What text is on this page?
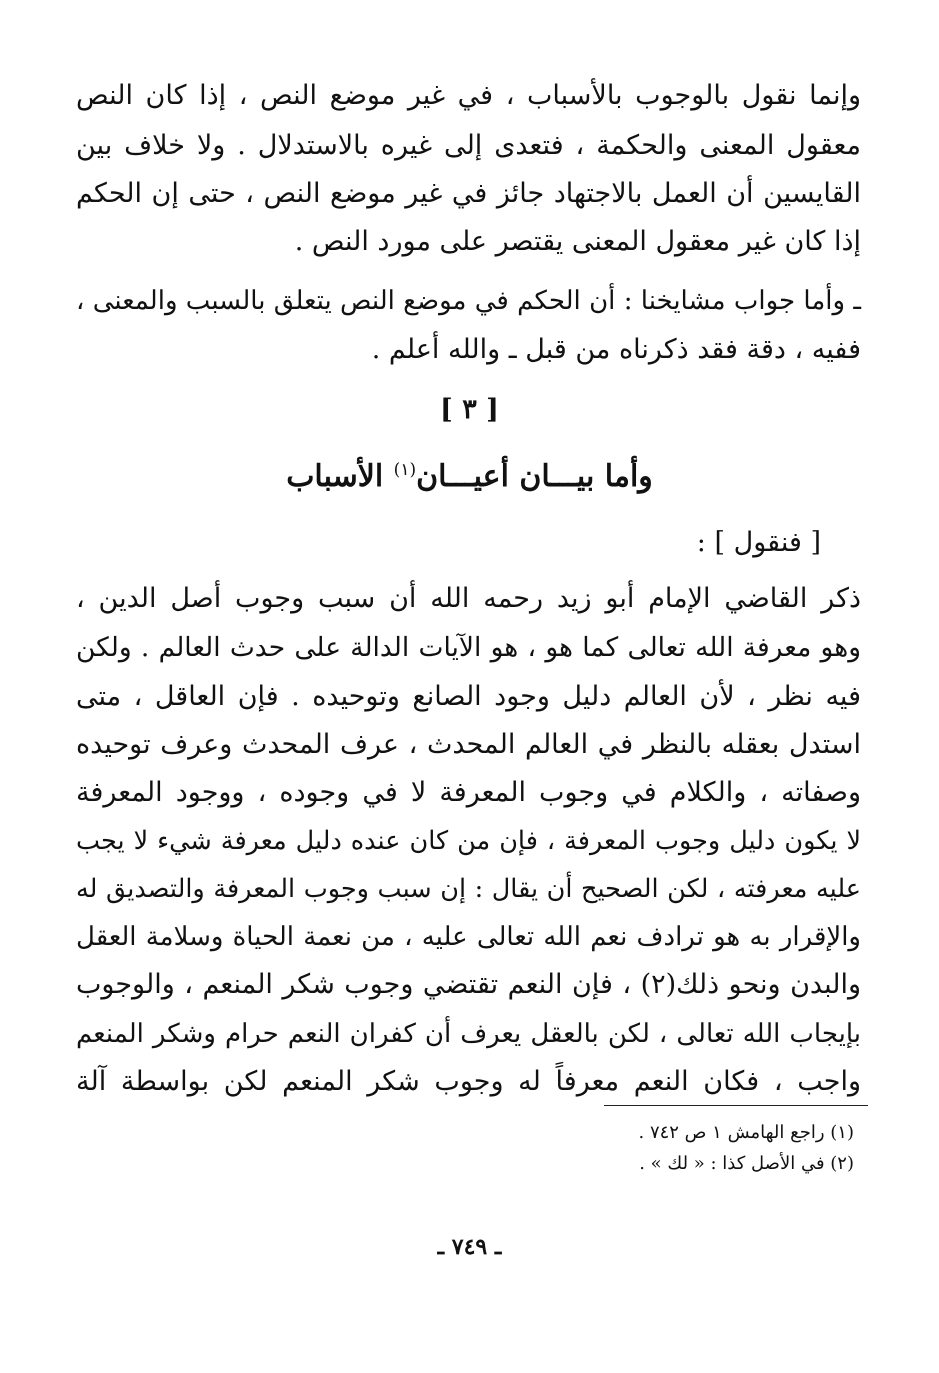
وإنما نقول بالوجوب بالأسباب ، في غير موضع النص ، إذا كان النص
معقول المعنى والحكمة ، فتعدى إلى غيره بالاستدلال . ولا خلاف بين
القايسين أن العمل بالاجتهاد جائز في غير موضع النص ، حتى إن الحكم
إذا كان غير معقول المعنى يقتصر على مورد النص .
ـ وأما جواب مشايخنا : أن الحكم في موضع النص يتعلق بالسبب والمعنى ،
ففيه ، دقة فقد ذكرناه من قبل ـ والله أعلم .
[ ٣ ]
وأما بيـــان أعيـــان$^{(١)}$ الأسباب
[ فنقول ] :
ذكر القاضي الإمام أبو زيد رحمه الله أن سبب وجوب أصل الدين ،
وهو معرفة الله تعالى كما هو ، هو الآيات الدالة على حدث العالم . ولكن
فيه نظر ، لأن العالم دليل وجود الصانع وتوحيده . فإن العاقل ، متى
استدل بعقله بالنظر في العالم المحدث ، عرف المحدث وعرف توحيده
وصفاته ، والكلام في وجوب المعرفة لا في وجوده ، ووجود المعرفة
لا يكون دليل وجوب المعرفة ، فإن من كان عنده دليل معرفة شيء لا يجب
عليه معرفته ، لكن الصحيح أن يقال : إن سبب وجوب المعرفة والتصديق له
والإقرار به هو ترادف نعم الله تعالى عليه ، من نعمة الحياة وسلامة العقل
والبدن ونحو ذلك(٢) ، فإن النعم تقتضي وجوب شكر المنعم ، والوجوب
بإيجاب الله تعالى ، لكن بالعقل يعرف أن كفران النعم حرام وشكر المنعم
واجب ، فكان النعم معرفاً له وجوب شكر المنعم لكن بواسطة آلة
(١) راجع الهامش ١ ص ٧٤٢ .
(٢) في الأصل كذا : « لك » .
ـ ٧٤٩ ـ
